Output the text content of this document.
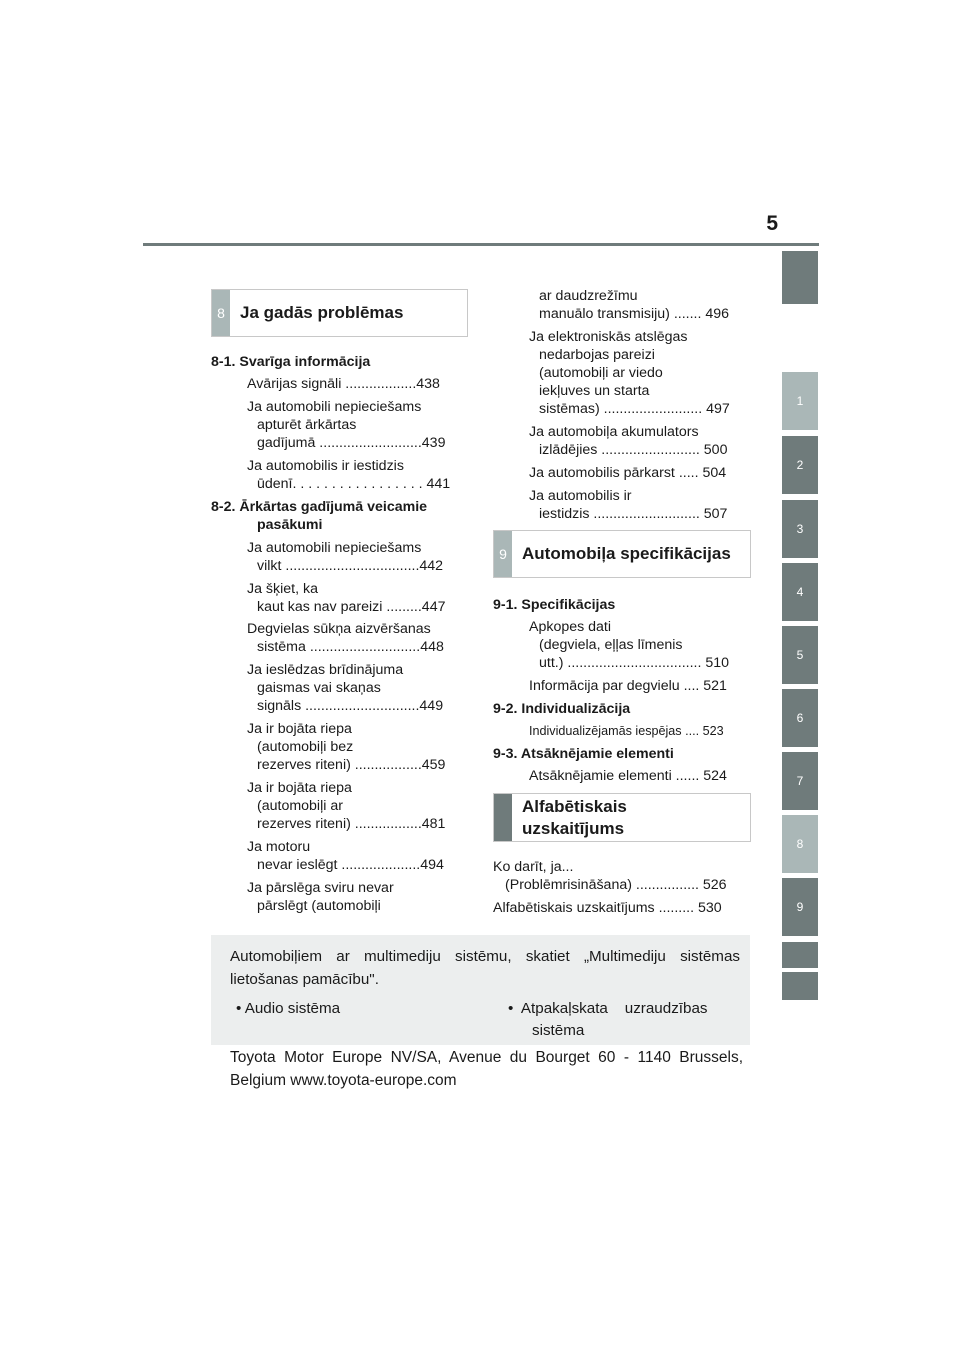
5
1
2
3
4
5
6
7
8
9
8 Ja gadās problēmas
8-1. Svarīga informācija
Avārijas signāli ..................438
Ja automobili nepieciešams
apturēt ārkārtas
gadījumā ..........................439
Ja automobilis ir iestidzis
ūdenī. . . . . . . . . . . . . . . . . 441
8-2. Ārkārtas gadījumā veicamie
pasākumi
Ja automobili nepieciešams
vilkt ..................................442
Ja šķiet, ka
kaut kas nav pareizi .........447
Degvielas sūkņa aizvēršanas
sistēma ............................448
Ja ieslēdzas brīdinājuma
gaismas vai skaņas
signāls .............................449
Ja ir bojāta riepa
(automobiļi bez
rezerves riteni) .................459
Ja ir bojāta riepa
(automobiļi ar
rezerves riteni) .................481
Ja motoru
nevar ieslēgt ....................494
Ja pārslēga sviru nevar
pārslēgt (automobiļi
ar daudzrežīmu
manuālo transmisiju) ....... 496
Ja elektroniskās atslēgas
nedarbojas pareizi
(automobiļi ar viedo
iekļuves un starta
sistēmas) ......................... 497
Ja automobiļa akumulators
izlādējies ......................... 500
Ja automobilis pārkarst ..... 504
Ja automobilis ir
iestidzis ........................... 507
9 Automobiļa specifikācijas
9-1. Specifikācijas
Apkopes dati
(degviela, eļļas līmenis
utt.) .................................. 510
Informācija par degvielu .... 521
9-2. Individualizācija
Individualizējamās iespējas .... 523
9-3. Atsāknējamie elementi
Atsāknējamie elementi ...... 524
Alfabētiskais
uzskaitījums
Ko darīt, ja...
(Problēmrisināšana) ................ 526
Alfabētiskais uzskaitījums ......... 530
Automobiļiem ar multimediju sistēmu, skatiet „Multimediju sistēmas lietošanas pamācību".
• Audio sistēma	•  Atpakaļskata    uzraudzības
sistēma
Toyota Motor Europe NV/SA, Avenue du Bourget 60 - 1140 Brussels, Belgium www.toyota-europe.com
